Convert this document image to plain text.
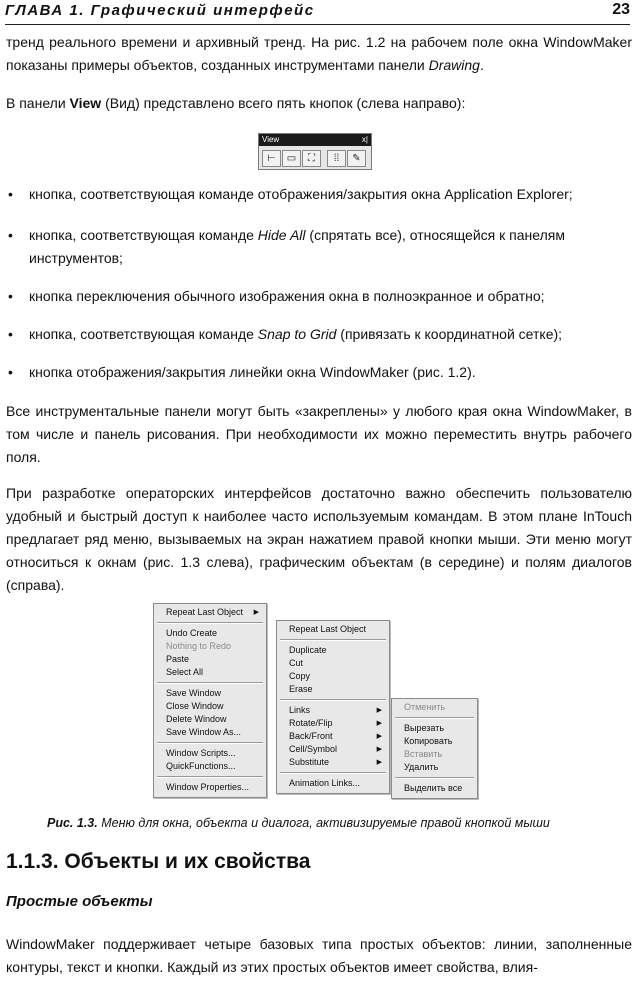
ГЛАВА 1. Графический интерфейс	23

тренд реального времени и архивный тренд. На рис. 1.2 на рабочем поле окна WindowMaker показаны примеры объектов, созданных инструментами панели Drawing.

В панели View (Вид) представлено всего пять кнопок (слева направо):

View	x|
⊢	▭	⛶	⁞⁞	✎
• кнопка, соответствующая команде отображения/закрытия окна Application Explorer;
• кнопка, соответствующая команде Hide All (спрятать все), относящейся к панелям инструментов;
• кнопка переключения обычного изображения окна в полноэкранное и обратно;
• кнопка, соответствующая команде Snap to Grid (привязать к координатной сетке);
• кнопка отображения/закрытия линейки окна WindowMaker (рис. 1.2).

Все инструментальные панели могут быть «закреплены» у любого края окна WindowMaker, в том числе и панель рисования. При необходимости их можно переместить внутрь рабочего поля.

При разработке операторских интерфейсов достаточно важно обеспечить пользователю удобный и быстрый доступ к наиболее часто используемым командам. В этом плане InTouch предлагает ряд меню, вызываемых на экран нажатием правой кнопки мыши. Эти меню могут относиться к окнам (рис. 1.3 слева), графическим объектам (в середине) и полям диалогов (справа).

Repeat Last Object ▶
Undo Create
Nothing to Redo
Paste
Select All
Save Window
Close Window
Delete Window
Save Window As...
Window Scripts...
QuickFunctions...
Window Properties...
Repeat Last Object
Duplicate
Cut
Copy
Erase
Links	▶
Rotate/Flip	▶
Back/Front	▶
Cell/Symbol	▶
Substitute	▶
Animation Links...
Отменить
Вырезать
Копировать
Вставить
Удалить
Выделить все
Рис. 1.3. Меню для окна, объекта и диалога, активизируемые правой кнопкой мыши
1.1.3. Объекты и их свойства
Простые объекты

WindowMaker поддерживает четыре базовых типа простых объектов: линии, заполненные контуры, текст и кнопки. Каждый из этих простых объектов имеет свойства, влия-
